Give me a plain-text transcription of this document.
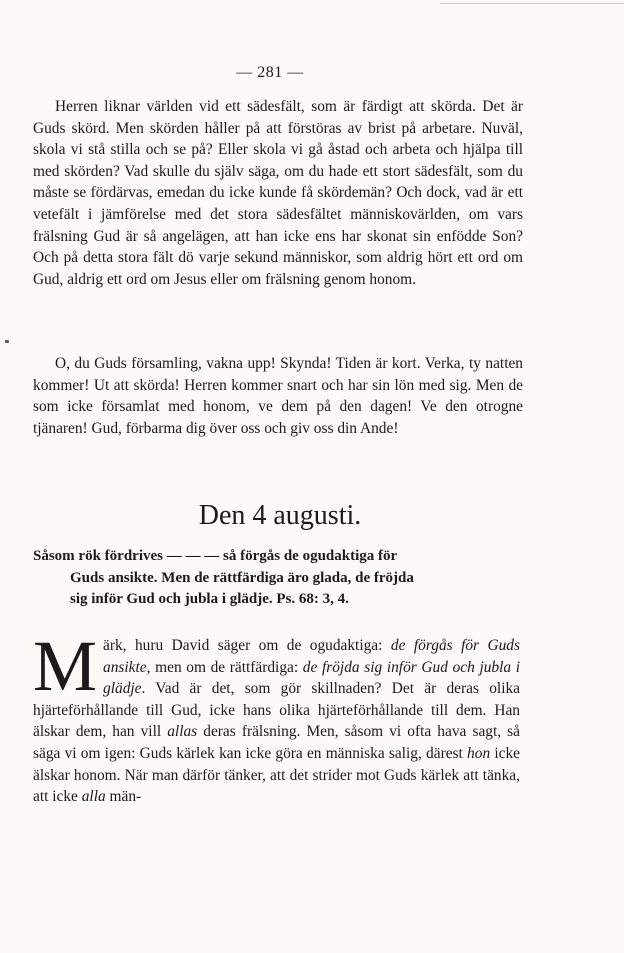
— 281 —

Herren liknar världen vid ett sädesfält, som är färdigt att skörda. Det är Guds skörd. Men skörden håller på att förstöras av brist på arbetare. Nuväl, skola vi stå stilla och se på? Eller skola vi gå åstad och arbeta och hjälpa till med skörden? Vad skulle du själv säga, om du hade ett stort sädesfält, som du måste se fördärvas, emedan du icke kunde få skördemän? Och dock, vad är ett vetefält i jämförelse med det stora sädesfältet människovärlden, om vars frälsning Gud är så angelägen, att han icke ens har skonat sin enfödde Son? Och på detta stora fält dö varje sekund människor, som aldrig hört ett ord om Gud, aldrig ett ord om Jesus eller om frälsning genom honom.

O, du Guds församling, vakna upp! Skynda! Tiden är kort. Verka, ty natten kommer! Ut att skörda! Herren kommer snart och har sin lön med sig. Men de som icke församlat med honom, ve dem på den dagen! Ve den otrogne tjänaren! Gud, förbarma dig över oss och giv oss din Ande!

Den 4 augusti.
Såsom rök fördrives — — — så förgås de ogudaktiga för
Guds ansikte. Men de rättfärdiga äro glada, de fröjda
sig inför Gud och jubla i glädje. Ps. 68: 3, 4.

Märk, huru David säger om de ogudaktiga: de förgås för Guds ansikte, men om de rättfärdiga: de fröjda sig inför Gud och jubla i glädje. Vad är det, som gör skillnaden? Det är deras olika hjärteförhållande till Gud, icke hans olika hjärteförhållande till dem. Han älskar dem, han vill allas deras frälsning. Men, såsom vi ofta hava sagt, så säga vi om igen: Guds kärlek kan icke göra en människa salig, därest hon icke älskar honom. När man därför tänker, att det strider mot Guds kärlek att tänka, att icke alla män-
